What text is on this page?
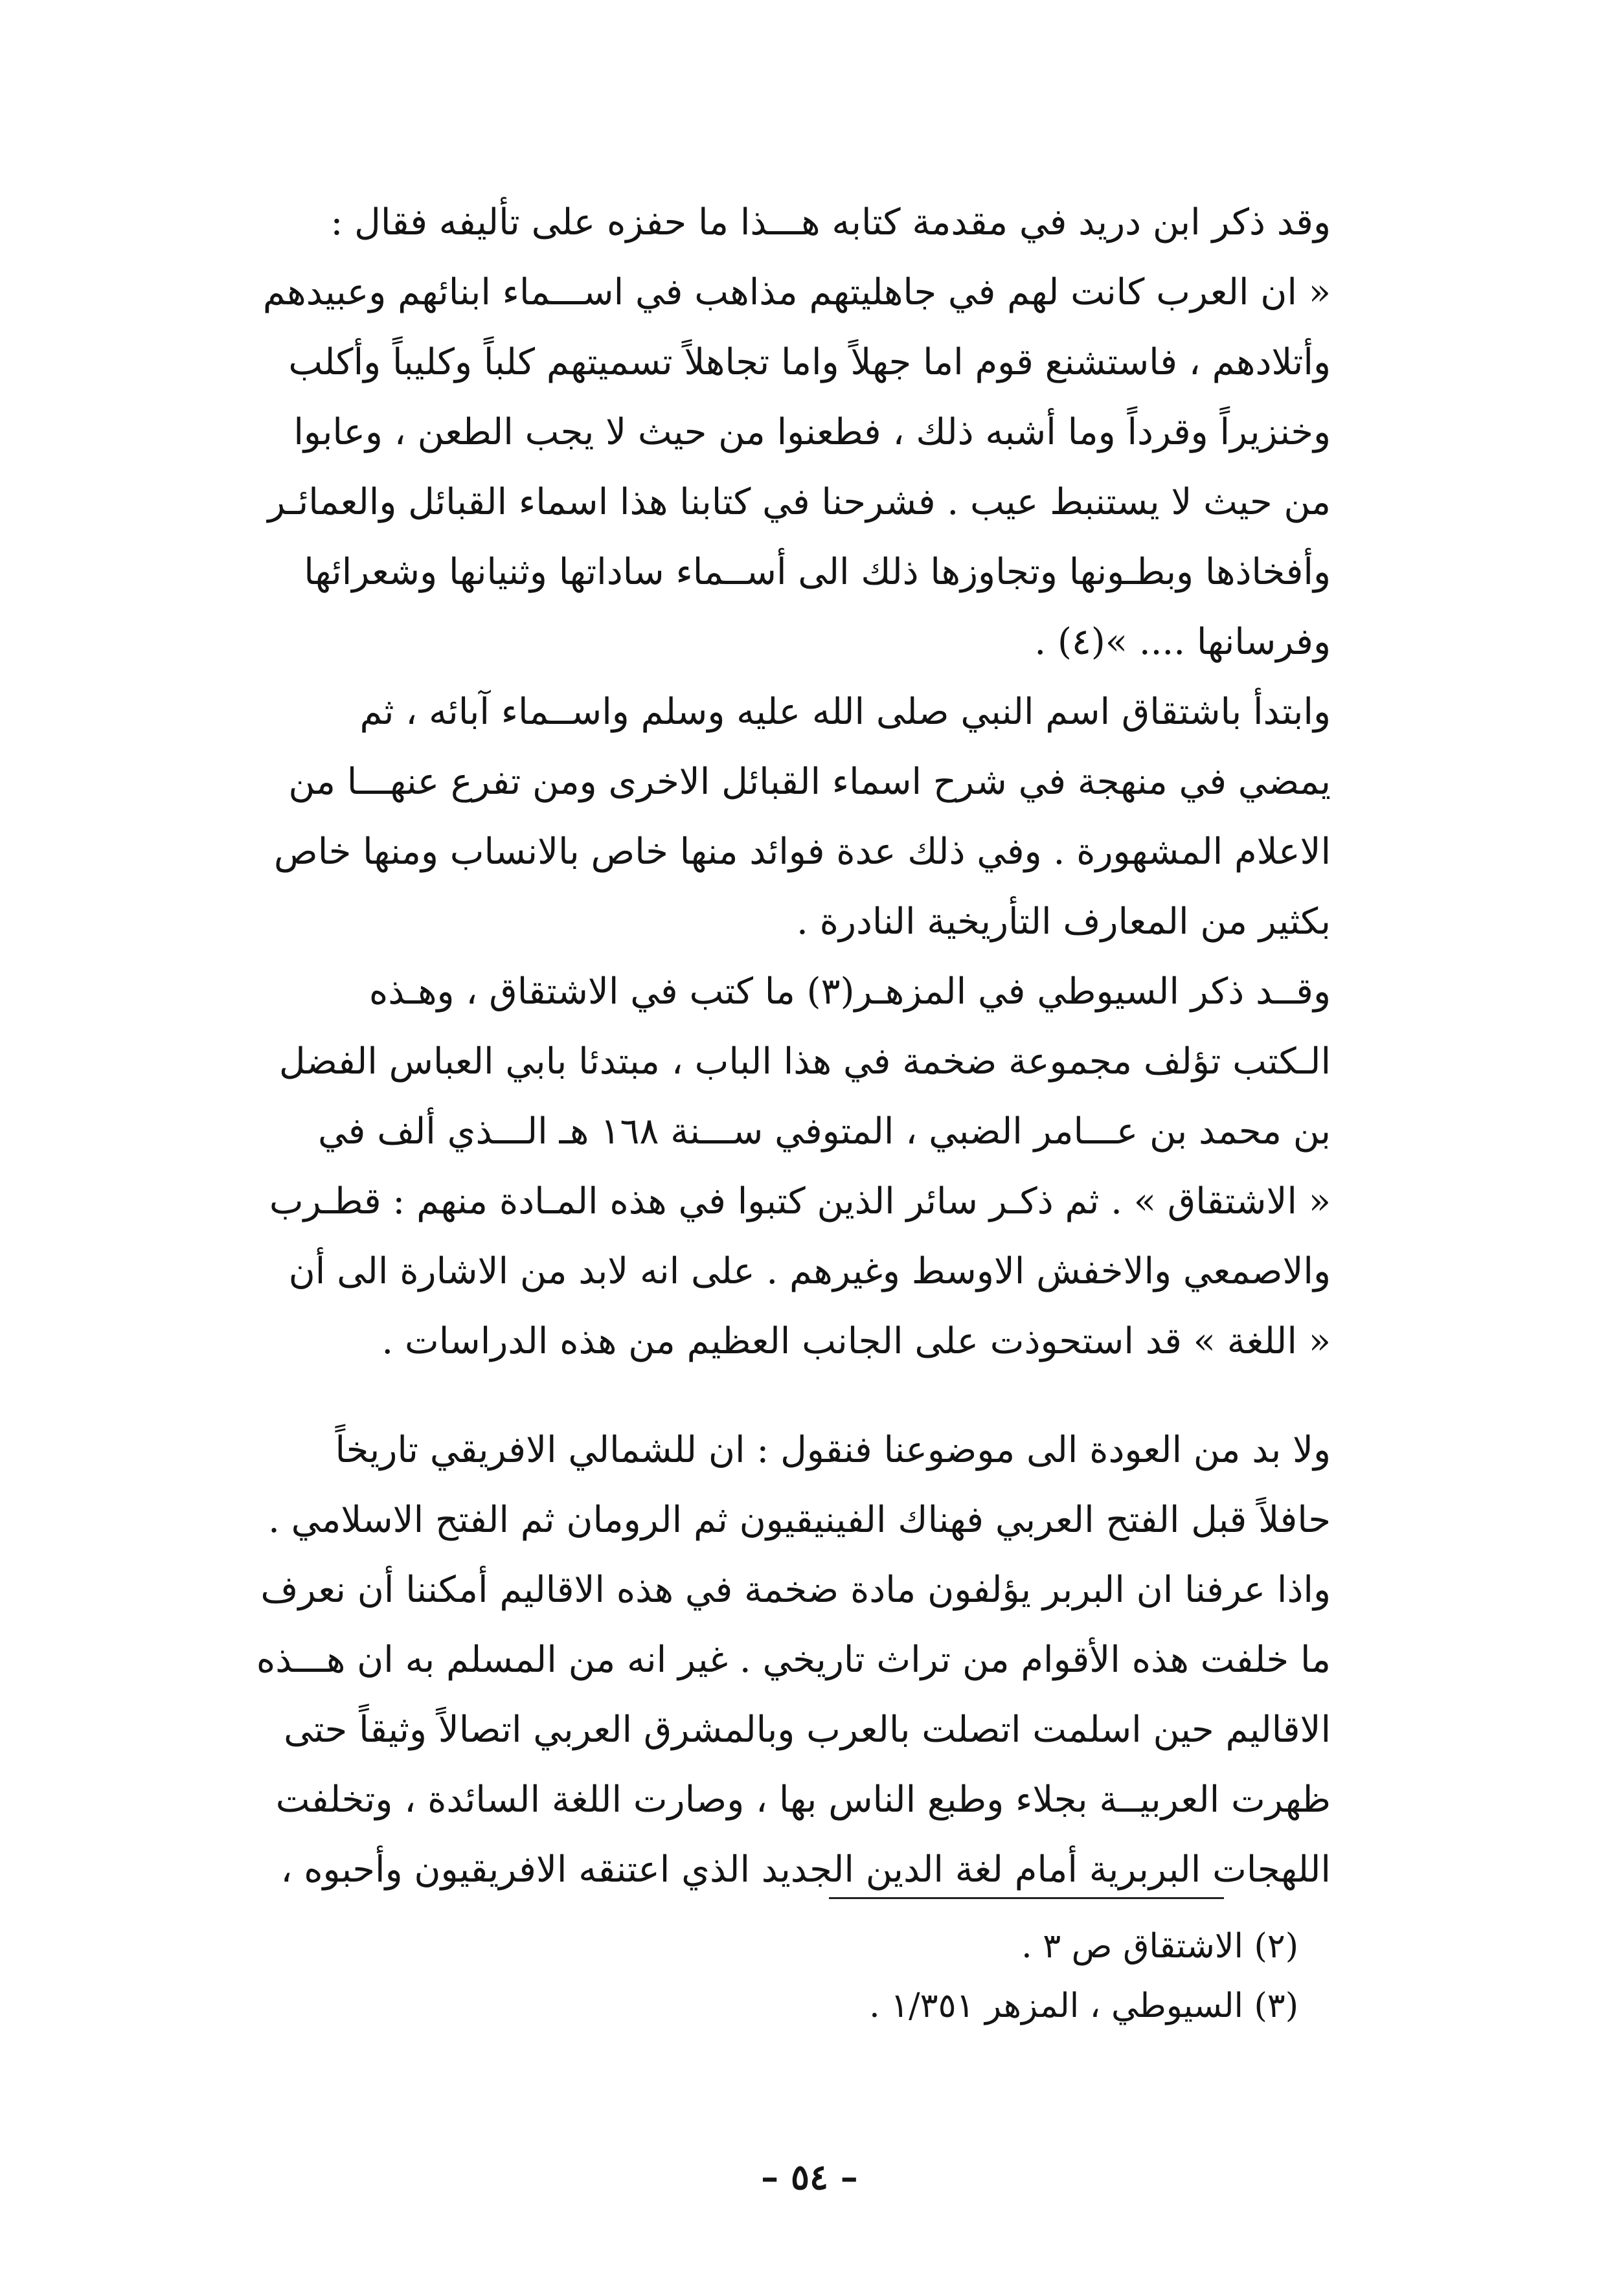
وقد ذكر ابن دريد في مقدمة كتابه هـــذا ما حفزه على تأليفه فقال :
« ان العرب كانت لهم في جاهليتهم مذاهب في اســـماء ابنائهم وعبيدهم
وأتلادهم ، فاستشنع قوم اما جهلاً واما تجاهلاً تسميتهم كلباً وكليباً وأكلب
وخنزيراً وقرداً وما أشبه ذلك ، فطعنوا من حيث لا يجب الطعن ، وعابوا
من حيث لا يستنبط عيب . فشرحنا في كتابنا هذا اسماء القبائل والعمائـر
وأفخاذها وبطـونها وتجاوزها ذلك الى أســماء ساداتها وثنيانها وشعرائها
وفرسانها .... »(٤) .
وابتدأ باشتقاق اسم النبي صلى الله عليه وسلم واســماء آبائه ، ثم
يمضي في منهجة في شرح اسماء القبائل الاخرى ومن تفرع عنهـــا من
الاعلام المشهورة . وفي ذلك عدة فوائد منها خاص بالانساب ومنها خاص
بكثير من المعارف التأريخية النادرة .
وقــد ذكر السيوطي في المزهـر(٣) ما كتب في الاشتقاق ، وهـذه
الـكتب تؤلف مجموعة ضخمة في هذا الباب ، مبتدئا بابي العباس الفضل
بن محمد بن عـــامر الضبي ، المتوفي ســـنة ١٦٨ هـ الـــذي ألف في
« الاشتقاق » . ثم ذكـر سائر الذين كتبوا في هذه المـادة منهم : قطـرب
والاصمعي والاخفش الاوسط وغيرهم . على انه لابد من الاشارة الى أن
« اللغة » قد استحوذت على الجانب العظيم من هذه الدراسات .
ولا بد من العودة الى موضوعنا فنقول : ان للشمالي الافريقي تاريخاً
حافلاً قبل الفتح العربي فهناك الفينيقيون ثم الرومان ثم الفتح الاسلامي .
واذا عرفنا ان البربر يؤلفون مادة ضخمة في هذه الاقاليم أمكننا أن نعرف
ما خلفت هذه الأقوام من تراث تاريخي . غير انه من المسلم به ان هـــذه
الاقاليم حين اسلمت اتصلت بالعرب وبالمشرق العربي اتصالاً وثيقاً حتى
ظهرت العربيــة بجلاء وطبع الناس بها ، وصارت اللغة السائدة ، وتخلفت
اللهجات البربرية أمام لغة الدين الجديد الذي اعتنقه الافريقيون وأحبوه ،
(٢) الاشتقاق ص ٣ .
(٣) السيوطي ، المزهر ١/٣٥١ .
– ٥٤ –
